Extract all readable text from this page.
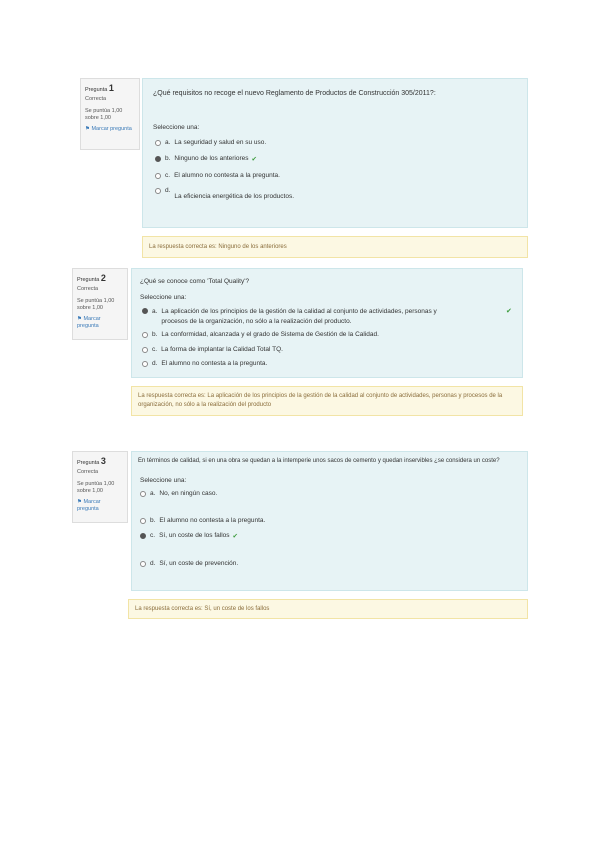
Pregunta 1
Correcta
Se puntúa 1,00 sobre 1,00
⚑ Marcar pregunta
¿Qué requisitos no recoge el nuevo Reglamento de Productos de Construcción 305/2011?:
Seleccione una:
a. La seguridad y salud en su uso.
b. Ninguno de los anteriores ✔
c. El alumno no contesta a la pregunta.
d.
La eficiencia energética de los productos.
La respuesta correcta es: Ninguno de los anteriores
Pregunta 2
Correcta
Se puntúa 1,00 sobre 1,00
⚑ Marcar pregunta
¿Qué se conoce como 'Total Quality'?
Seleccione una:
a. La aplicación de los principios de la gestión de la calidad al conjunto de actividades, personas y procesos de la organización, no sólo a la realización del producto.
✔
b. La conformidad, alcanzada y el grado de Sistema de Gestión de la Calidad.
c. La forma de implantar la Calidad Total TQ.
d. El alumno no contesta a la pregunta.
La respuesta correcta es: La aplicación de los principios de la gestión de la calidad al conjunto de actividades, personas y procesos de la organización, no sólo a la realización del producto
Pregunta 3
Correcta
Se puntúa 1,00 sobre 1,00
⚑ Marcar pregunta
En términos de calidad, si en una obra se quedan a la intemperie unos sacos de cemento y quedan inservibles ¿se considera un coste?
Seleccione una:
a. No, en ningún caso.
b. El alumno no contesta a la pregunta.
c. Sí, un coste de los fallos ✔
d. Sí, un coste de prevención.
La respuesta correcta es: Sí, un coste de los fallos
